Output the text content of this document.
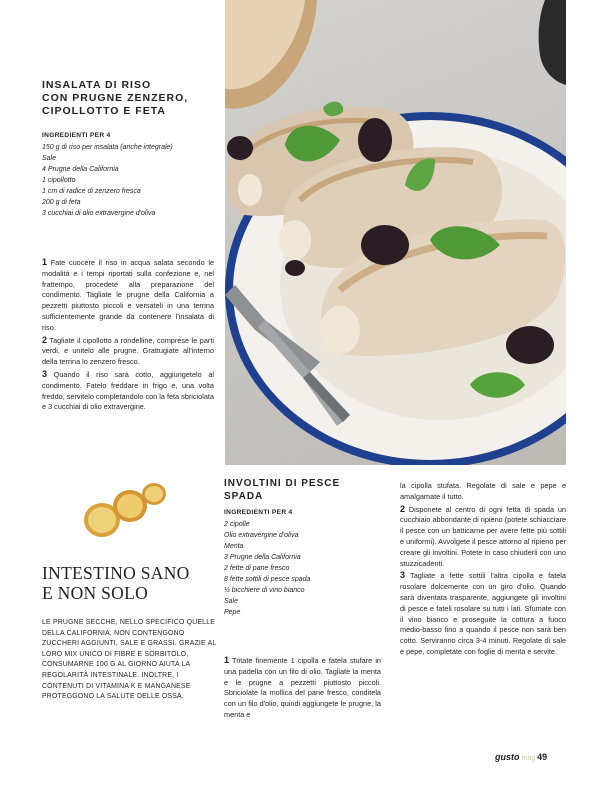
INSALATA DI RISO
CON PRUGNE ZENZERO,
CIPOLLOTTO E FETA
INGREDIENTI PER 4
150 g di riso per insalata (anche integrale)
Sale
4 Prugne della California
1 cipollotto
1 cm di radice di zenzero fresca
200 g di feta
3 cucchiai di olio extravergine d'oliva

1 Fate cuocere il riso in acqua salata secondo le modalità e i tempi riportati sulla confezione e, nel frattempo, procedete alla preparazione del condimento. Tagliate le prugne della California a pezzetti piuttosto piccoli e versateli in una terrina sufficientemente grande da contenere l'insalata di riso.

2 Tagliate il cipollotto a rondelline, comprese le parti verdi, e unitelo alle prugne. Grattugiate all'interno della terrina lo zenzero fresco.

3 Quando il riso sarà cotto, aggiungetelo al condimento. Fatelo freddare in frigo e, una volta freddo, servitelo completandolo con la feta sbriciolata e 3 cucchiai di olio extravergine.

INTESTINO SANO
E NON SOLO
LE PRUGNE SECCHE, NELLO SPECIFICO QUELLE DELLA CALIFORNIA, NON CONTENGONO ZUCCHERI AGGIUNTI, SALE E GRASSI. GRAZIE AL LORO MIX UNICO DI FIBRE E SORBITOLO, CONSUMARNE 100 G AL GIORNO AIUTA LA REGOLARITÀ INTESTINALE. INOLTRE, I CONTENUTI DI VITAMINA K E MANGANESE PROTEGGONO LA SALUTE DELLE OSSA.
INVOLTINI DI PESCE
SPADA
INGREDIENTI PER 4
2 cipolle
Olio extravergine d'oliva
Menta
3 Prugne della California
2 fette di pane fresco
8 fette sottili di pesce spada
½ bicchiere di vino bianco
Sale
Pepe

1 Tritate finemente 1 cipolla e fatela stufare in una padella con un filo di olio. Tagliate la menta e le prugne a pezzetti piuttosto piccoli. Sbriciolate la mollica del pane fresco, conditela con un filo d'olio, quindi aggiungete le prugne, la menta e

la cipolla stufata. Regolate di sale e pepe e amalgamate il tutto.

2 Disponete al centro di ogni fetta di spada un cucchiaio abbondante di ripieno (potete schiacciare il pesce con un batticarne per avere fette più sottili e uniformi). Avvolgete il pesce attorno al ripieno per creare gli involtini. Potete in caso chiuderli con uno stuzzicadenti.

3 Tagliate a fette sottili l'altra cipolla e fatela rosolare dolcemente con un giro d'olio. Quando sarà diventata trasparente, aggiungete gli involtini di pesce e fateli rosolare su tutti i lati. Sfumate con il vino bianco e proseguite la cottura a fuoco medio-basso fino a quando il pesce non sarà ben cotto. Serviranno circa 3-4 minuti. Regolate di sale e pepe, completate con foglie di menta e servite.

gusto mag 49
